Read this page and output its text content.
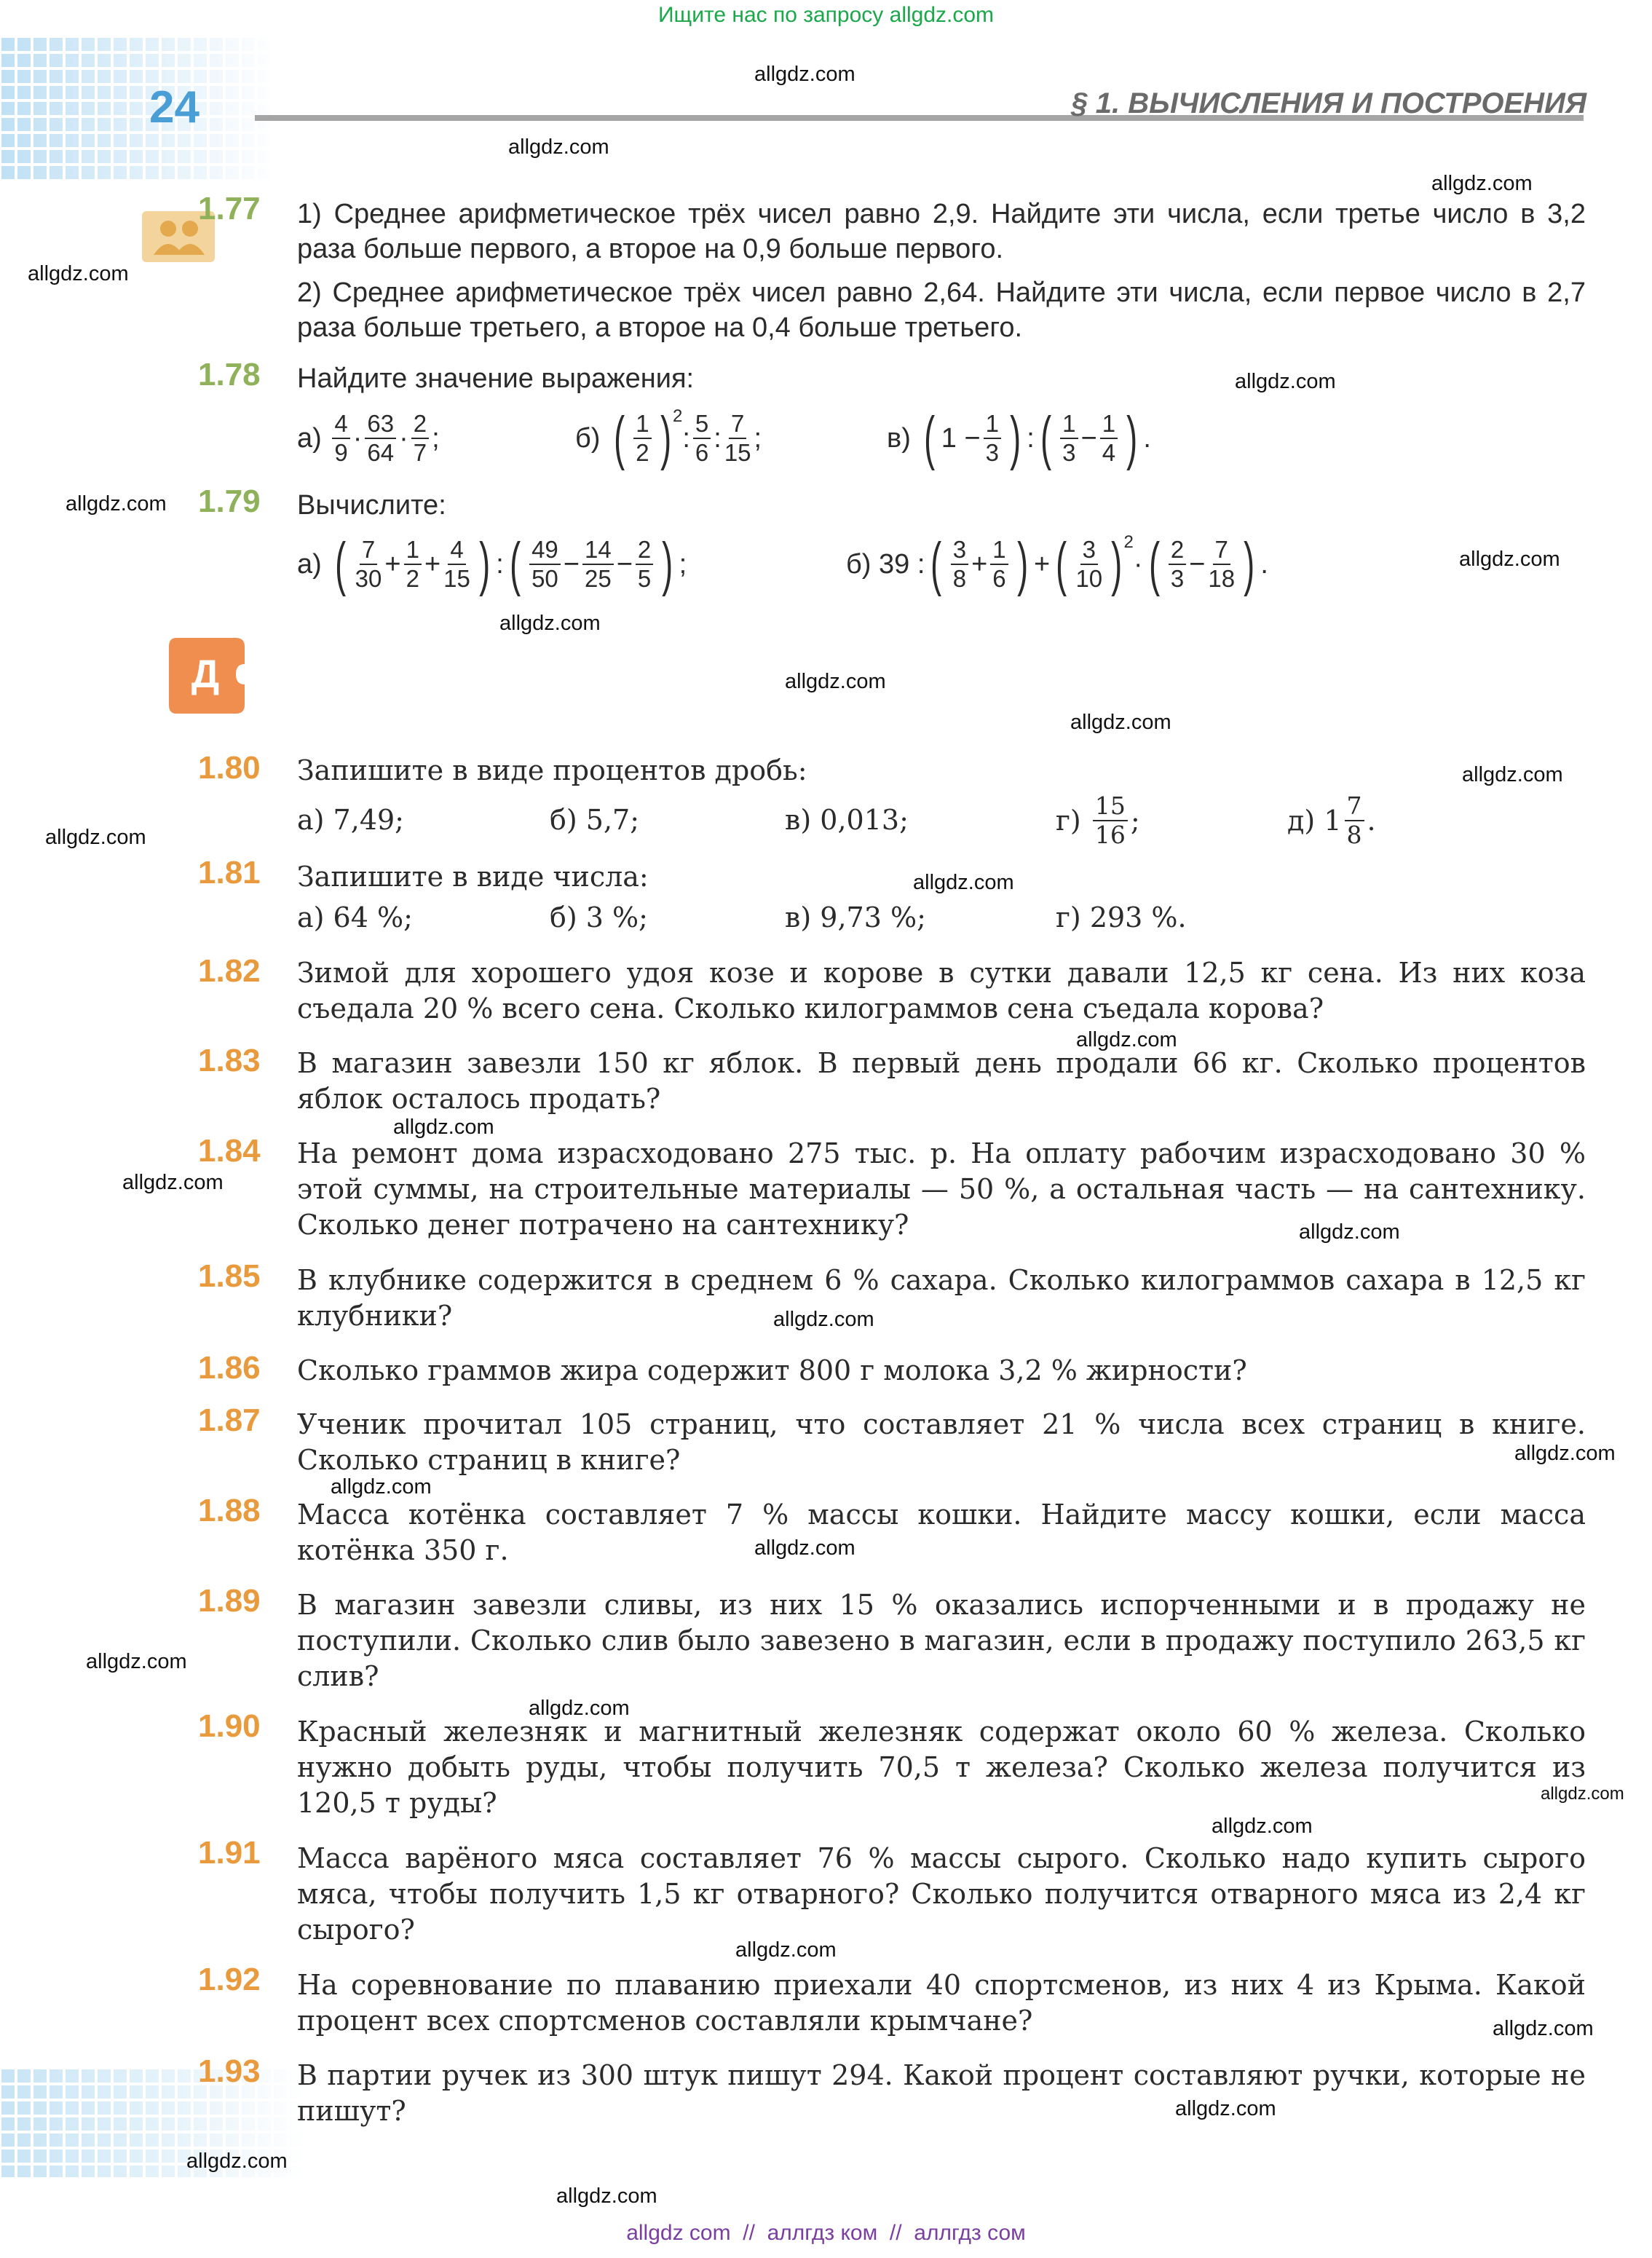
Ищите нас по запросу allgdz.com
24	§ 1. ВЫЧИСЛЕНИЯ И ПОСТРОЕНИЯ
1.77 1) Среднее арифметическое трёх чисел равно 2,9. Найдите эти числа, если третье число в 3,2 раза больше первого, а второе на 0,9 больше первого.
2) Среднее арифметическое трёх чисел равно 2,64. Найдите эти числа, если первое число в 2,7 раза больше третьего, а второе на 0,4 больше третьего.
1.78 Найдите значение выражения:
а)
4
9 · 63
64 · 2
7 ;	б)
( 1
2 ) 2
: 5
6 : 7
15 ;	в)
( 1 − 1
3 ) : ( 1
3 − 1
4 ) .
1.79 Вычислите:
а)
( 7
30 + 1
2 + 4
15 ) : ( 49
50 − 14
25 − 2
5 ) ;	б)
39 : ( 3
8 + 1
6 ) + ( 3
10 ) 2
· ( 2
3 − 7
18 ) .
Д
1.80 Запишите в виде процентов дробь:
а) 7,49;	б) 5,7;	в) 0,013;	г)
15
16 ;	д)
1 7
8 .
1.81 Запишите в виде числа:
а) 64 %;	б) 3 %;	в) 9,73 %;	г) 293 %.
1.82 Зимой для хорошего удоя козе и корове в сутки давали 12,5 кг сена. Из них коза съедала 20 % всего сена. Сколько килограммов сена съедала корова?
1.83 В магазин завезли 150 кг яблок. В первый день продали 66 кг. Сколько процентов яблок осталось продать?
1.84 На ремонт дома израсходовано 275 тыс. р. На оплату рабочим израсходовано 30 % этой суммы, на строительные материалы — 50 %, а остальная часть — на сантехнику. Сколько денег потрачено на сантехнику?
1.85 В клубнике содержится в среднем 6 % сахара. Сколько килограммов сахара в 12,5 кг клубники?
1.86 Сколько граммов жира содержит 800 г молока 3,2 % жирности?
1.87 Ученик прочитал 105 страниц, что составляет 21 % числа всех страниц в книге. Сколько страниц в книге?
1.88 Масса котёнка составляет 7 % массы кошки. Найдите массу кошки, если масса котёнка 350 г.
1.89 В магазин завезли сливы, из них 15 % оказались испорченными и в продажу не поступили. Сколько слив было завезено в магазин, если в продажу поступило 263,5 кг слив?
1.90 Красный железняк и магнитный железняк содержат около 60 % железа. Сколько нужно добыть руды, чтобы получить 70,5 т железа? Сколько железа получится из 120,5 т руды?
1.91 Масса варёного мяса составляет 76 % массы сырого. Сколько надо купить сырого мяса, чтобы получить 1,5 кг отварного? Сколько получится отварного мяса из 2,4 кг сырого?
1.92 На соревнование по плаванию приехали 40 спортсменов, из них 4 из Крыма. Какой процент всех спортсменов составляли крымчане?
1.93 В партии ручек из 300 штук пишут 294. Какой процент составляют ручки, которые не пишут?
allgdz.com
allgdz.com
allgdz.com
allgdz.com
allgdz.com
allgdz.com
allgdz.com
allgdz.com
allgdz.com
allgdz.com
allgdz.com
allgdz.com
allgdz.com
allgdz.com
allgdz.com
allgdz.com
allgdz.com
allgdz.com
allgdz.com
allgdz.com
allgdz.com
allgdz.com
allgdz.com
allgdz.com
allgdz.com
allgdz.com
allgdz.com
allgdz.com
allgdz.com
allgdz.com
allgdz com  //  аллгдз ком  //  аллгдз сом
